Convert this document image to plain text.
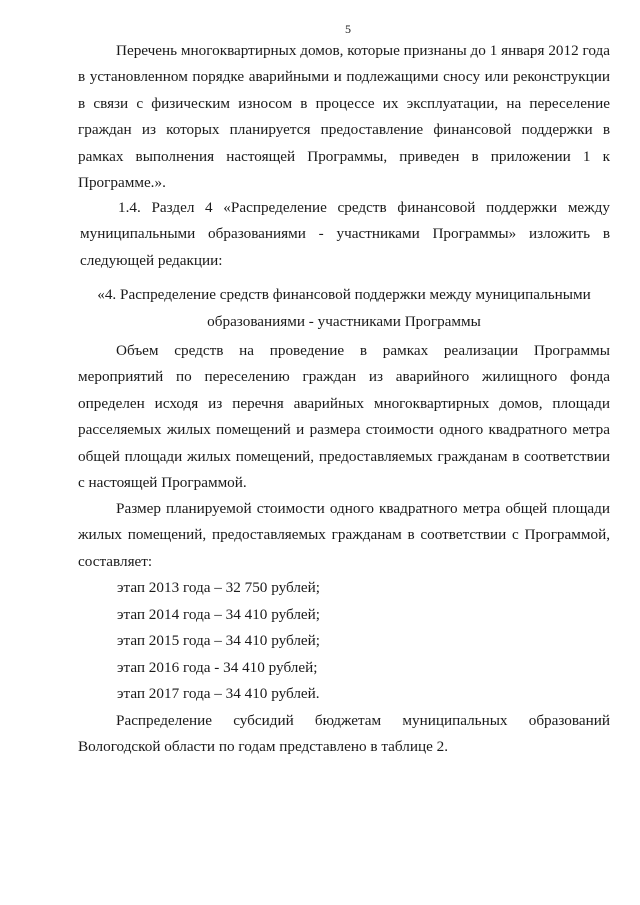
5

Перечень многоквартирных домов, которые признаны до 1 января 2012 года в установленном порядке аварийными и подлежащими сносу или реконструкции в связи с физическим износом в процессе их эксплуатации, на переселение граждан из которых планируется предоставление финансовой поддержки в рамках выполнения настоящей Программы, приведен в приложении 1 к Программе.».

1.4. Раздел 4 «Распределение средств финансовой поддержки между муниципальными образованиями - участниками Программы» изложить в следующей редакции:

«4. Распределение средств финансовой поддержки между муниципальными
образованиями - участниками Программы

Объем средств на проведение в рамках реализации Программы мероприятий по переселению граждан из аварийного жилищного фонда определен исходя из перечня аварийных многоквартирных домов, площади расселяемых жилых помещений и размера стоимости одного квадратного метра общей площади жилых помещений, предоставляемых гражданам в соответствии с настоящей Программой.

Размер планируемой стоимости одного квадратного метра общей площади жилых помещений, предоставляемых гражданам в соответствии с Программой, составляет:

этап 2013 года – 32 750 рублей;
этап 2014 года – 34 410 рублей;
этап 2015 года – 34 410 рублей;
этап 2016 года - 34 410 рублей;
этап 2017 года – 34 410 рублей.

Распределение субсидий бюджетам муниципальных образований Вологодской области по годам представлено в таблице 2.
